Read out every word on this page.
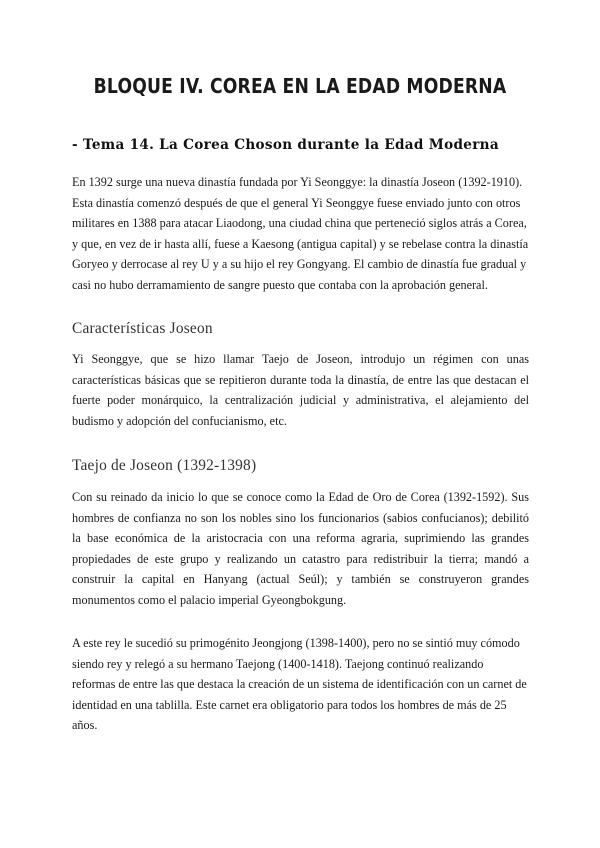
BLOQUE IV. COREA EN LA EDAD MODERNA
- Tema 14. La Corea Choson durante la Edad Moderna

En 1392 surge una nueva dinastía fundada por Yi Seonggye: la dinastía Joseon (1392-1910). Esta dinastía comenzó después de que el general Yi Seonggye fuese enviado junto con otros militares en 1388 para atacar Liaodong, una ciudad china que perteneció siglos atrás a Corea, y que, en vez de ir hasta allí, fuese a Kaesong (antigua capital) y se rebelase contra la dinastía Goryeo y derrocase al rey U y a su hijo el rey Gongyang. El cambio de dinastía fue gradual y casi no hubo derramamiento de sangre puesto que contaba con la aprobación general.

Características Joseon

Yi Seonggye, que se hizo llamar Taejo de Joseon, introdujo un régimen con unas características básicas que se repitieron durante toda la dinastía, de entre las que destacan el fuerte poder monárquico, la centralización judicial y administrativa, el alejamiento del budismo y adopción del confucianismo, etc.

Taejo de Joseon (1392-1398)

Con su reinado da inicio lo que se conoce como la Edad de Oro de Corea (1392-1592). Sus hombres de confianza no son los nobles sino los funcionarios (sabios confucianos); debilitó la base económica de la aristocracia con una reforma agraria, suprimiendo las grandes propiedades de este grupo y realizando un catastro para redistribuir la tierra; mandó a construir la capital en Hanyang (actual Seúl); y también se construyeron grandes monumentos como el palacio imperial Gyeongbokgung.

A este rey le sucedió su primogénito Jeongjong (1398-1400), pero no se sintió muy cómodo siendo rey y relegó a su hermano Taejong (1400-1418). Taejong continuó realizando reformas de entre las que destaca la creación de un sistema de identificación con un carnet de identidad en una tablilla. Este carnet era obligatorio para todos los hombres de más de 25 años.
